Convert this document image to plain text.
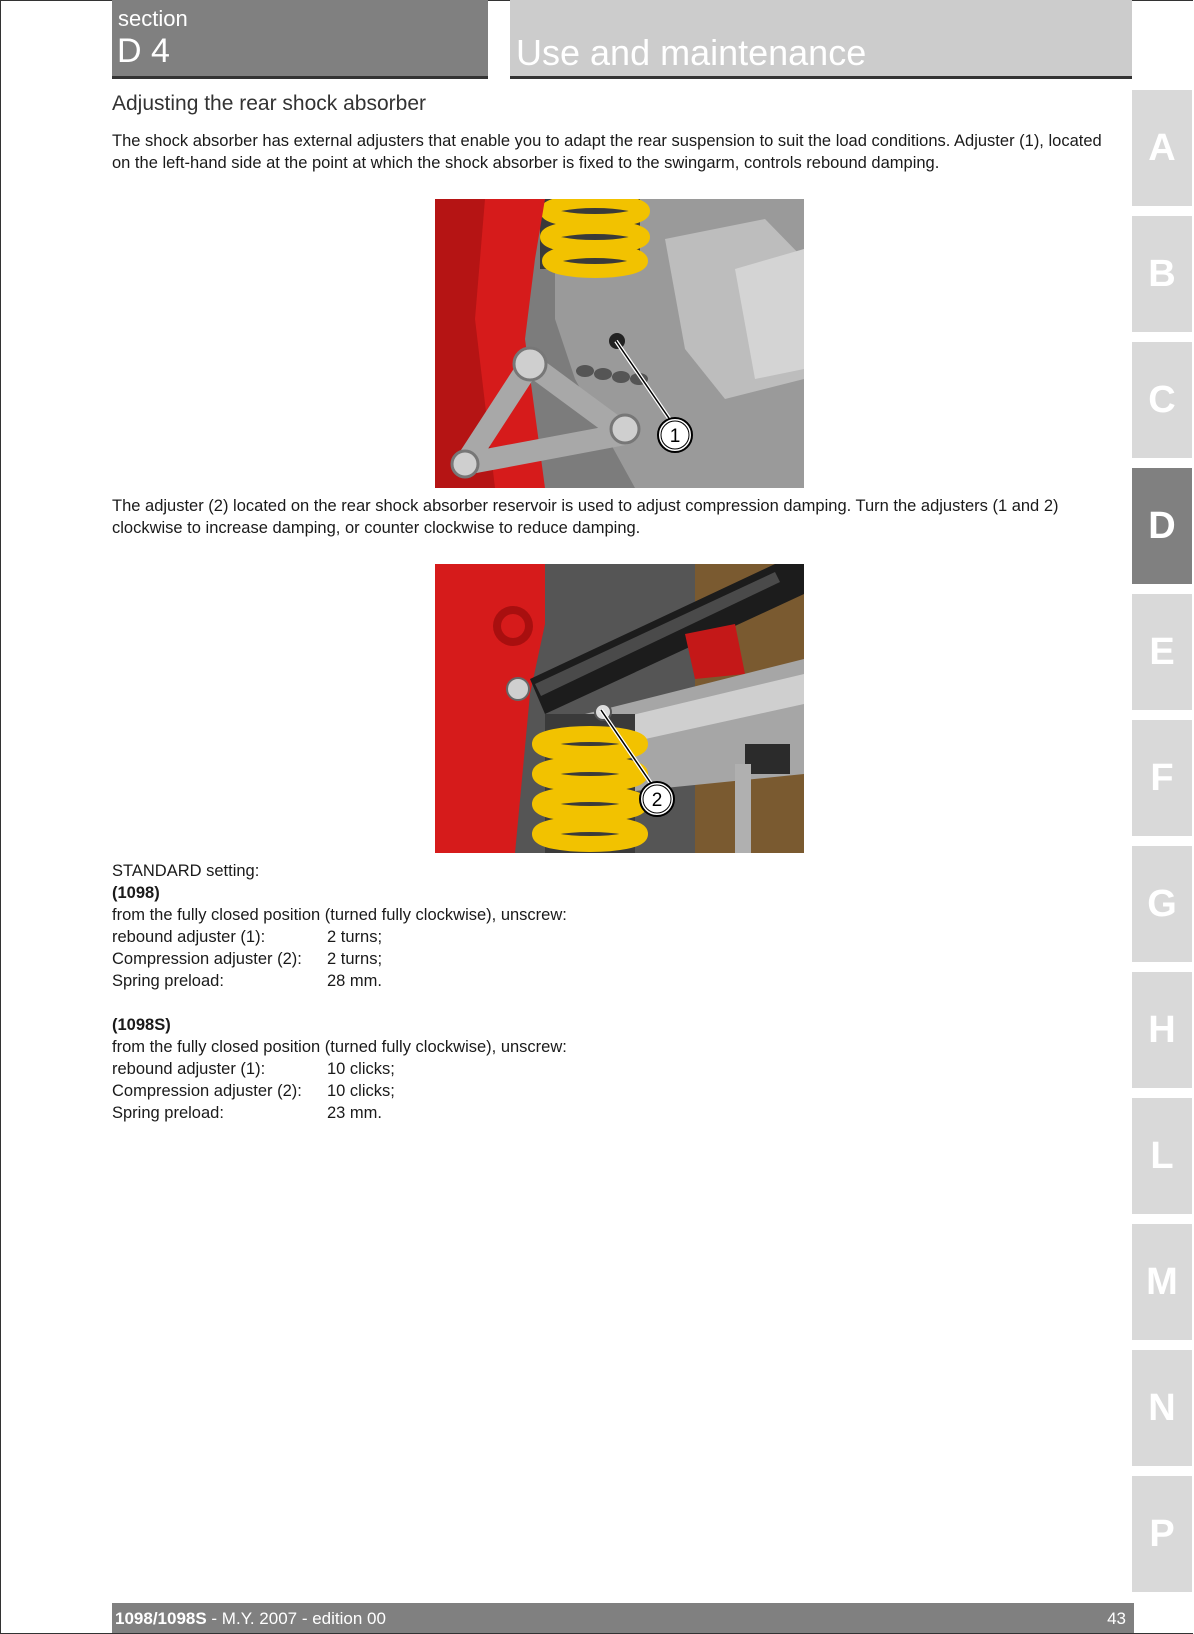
section
D 4	Use and maintenance
Adjusting the rear shock absorber
The shock absorber has external adjusters that enable you to adapt the rear suspension to suit the load conditions. Adjuster (1), located on the left-hand side at the point at which the shock absorber is fixed to the swingarm, controls rebound damping.
1
The adjuster (2) located on the rear shock absorber reservoir is used to adjust compression damping. Turn the adjusters (1 and 2) clockwise to increase damping, or counter clockwise to reduce damping.
2
STANDARD setting:
(1098)
from the fully closed position (turned fully clockwise), unscrew:
rebound adjuster (1):	2 turns;
Compression adjuster (2): 2 turns;
Spring preload:	28 mm.
(1098S)
from the fully closed position (turned fully clockwise), unscrew:
rebound adjuster (1):	10 clicks;
Compression adjuster (2): 10 clicks;
Spring preload:	23 mm.
A
B
C
D
E
F
G
H
L
M
N
P
1098/1098S - M.Y. 2007 - edition 00	43
